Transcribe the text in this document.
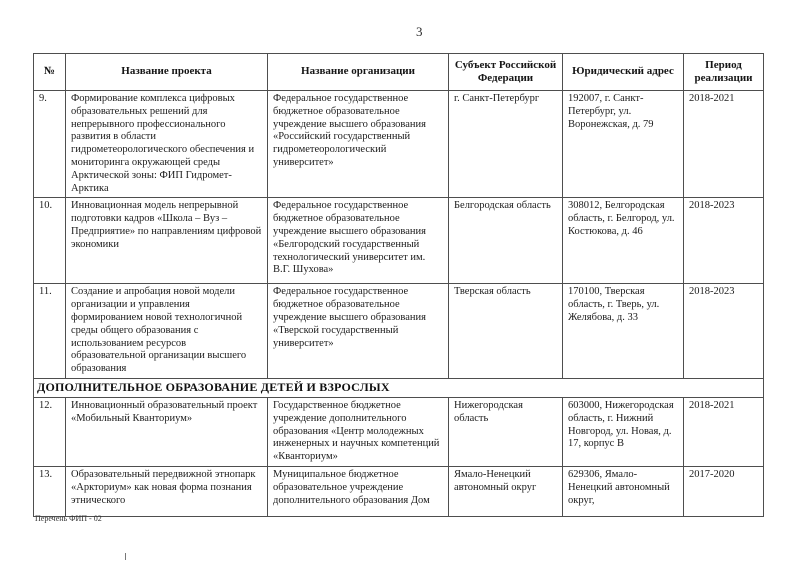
3
№	Название проекта	Название организации	Субъект Российской Федерации	Юридический адрес	Период реализации
9.	Формирование комплекса цифровых образовательных решений для непрерывного профессионального развития в области гидрометеорологического обеспечения и мониторинга окружающей среды Арктической зоны: ФИП Гидромет-Арктика	Федеральное государственное бюджетное образовательное учреждение высшего образования «Российский государственный гидрометеорологический университет»	г. Санкт-Петербург	192007, г. Санкт-Петербург, ул. Воронежская, д. 79	2018-2021
10.	Инновационная модель непрерывной подготовки кадров «Школа – Вуз – Предприятие» по направлениям цифровой экономики	Федеральное государственное бюджетное образовательное учреждение высшего образования «Белгородский государственный технологический университет им. В.Г. Шухова»	Белгородская область	308012, Белгородская область, г. Белгород, ул. Костюкова, д. 46	2018-2023
11.	Создание и апробация новой модели организации и управления формированием новой технологичной среды общего образования с использованием ресурсов образовательной организации высшего образования	Федеральное государственное бюджетное образовательное учреждение высшего образования «Тверской государственный университет»	Тверская область	170100, Тверская область, г. Тверь, ул. Желябова, д. 33	2018-2023
ДОПОЛНИТЕЛЬНОЕ ОБРАЗОВАНИЕ ДЕТЕЙ И ВЗРОСЛЫХ					
12.	Инновационный образовательный проект «Мобильный Кванториум»	Государственное бюджетное учреждение дополнительного образования «Центр молодежных инженерных и научных компетенций «Кванториум»	Нижегородская область	603000, Нижегородская область, г. Нижний Новгород, ул. Новая, д. 17, корпус В	2018-2021
13.	Образовательный передвижной этнопарк «Аркториум» как новая форма познания этнического	Муниципальное бюджетное образовательное учреждение дополнительного образования Дом	Ямало-Ненецкий автономный округ	629306, Ямало-Ненецкий автономный округ,	2017-2020
Перечень ФИП - 02
